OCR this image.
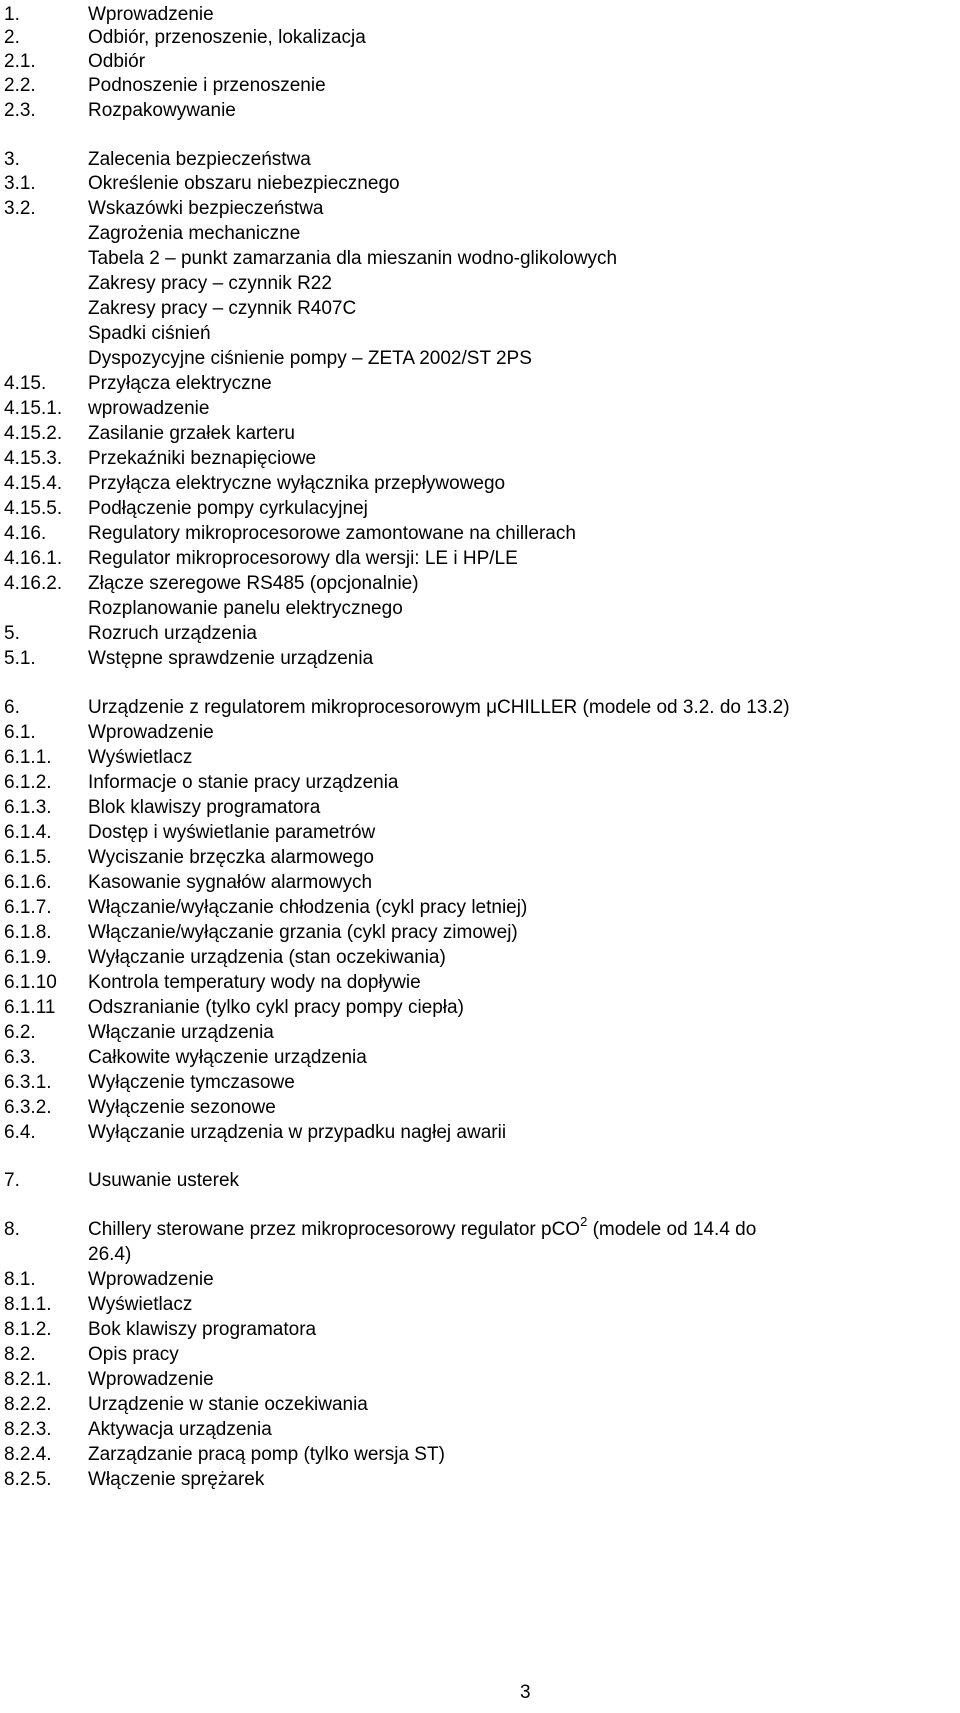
1.	Wprowadzenie
2.	Odbiór, przenoszenie, lokalizacja
2.1.	Odbiór
2.2.	Podnoszenie i przenoszenie
2.3.	Rozpakowywanie
3.	Zalecenia bezpieczeństwa
3.1.	Określenie obszaru niebezpiecznego
3.2.	Wskazówki bezpieczeństwa
Zagrożenia mechaniczne
Tabela 2 – punkt zamarzania dla mieszanin wodno-glikolowych
Zakresy pracy – czynnik R22
Zakresy pracy – czynnik R407C
Spadki ciśnień
Dyspozycyjne ciśnienie pompy – ZETA 2002/ST 2PS
4.15. Przyłącza elektryczne
4.15.1. wprowadzenie
4.15.2. Zasilanie grzałek karteru
4.15.3. Przekaźniki beznapięciowe
4.15.4. Przyłącza elektryczne wyłącznika przepływowego
4.15.5. Podłączenie pompy cyrkulacyjnej
4.16. Regulatory mikroprocesorowe zamontowane na chillerach
4.16.1. Regulator mikroprocesorowy dla wersji: LE i HP/LE
4.16.2. Złącze szeregowe RS485 (opcjonalnie)
Rozplanowanie panelu elektrycznego
5.	Rozruch urządzenia
5.1.	Wstępne sprawdzenie urządzenia
6.	Urządzenie z regulatorem mikroprocesorowym μCHILLER (modele od 3.2. do 13.2)
6.1.	Wprowadzenie
6.1.1. Wyświetlacz
6.1.2. Informacje o stanie pracy urządzenia
6.1.3. Blok klawiszy programatora
6.1.4. Dostęp i wyświetlanie parametrów
6.1.5. Wyciszanie brzęczka alarmowego
6.1.6. Kasowanie sygnałów alarmowych
6.1.7. Włączanie/wyłączanie chłodzenia (cykl pracy letniej)
6.1.8. Włączanie/wyłączanie grzania (cykl pracy zimowej)
6.1.9. Wyłączanie urządzenia (stan oczekiwania)
6.1.10 Kontrola temperatury wody na dopływie
6.1.11 Odszranianie (tylko cykl pracy pompy ciepła)
6.2.	Włączanie urządzenia
6.3.	Całkowite wyłączenie urządzenia
6.3.1. Wyłączenie tymczasowe
6.3.2. Wyłączenie sezonowe
6.4.	Wyłączanie urządzenia w przypadku nagłej awarii
7.	Usuwanie usterek
8.	Chillery sterowane przez mikroprocesorowy regulator pCO$^2$ (modele od 14.4 do
26.4)
8.1.	Wprowadzenie
8.1.1. Wyświetlacz
8.1.2. Bok klawiszy programatora
8.2.	Opis pracy
8.2.1. Wprowadzenie
8.2.2. Urządzenie w stanie oczekiwania
8.2.3. Aktywacja urządzenia
8.2.4. Zarządzanie pracą pomp (tylko wersja ST)
8.2.5. Włączenie sprężarek
3
